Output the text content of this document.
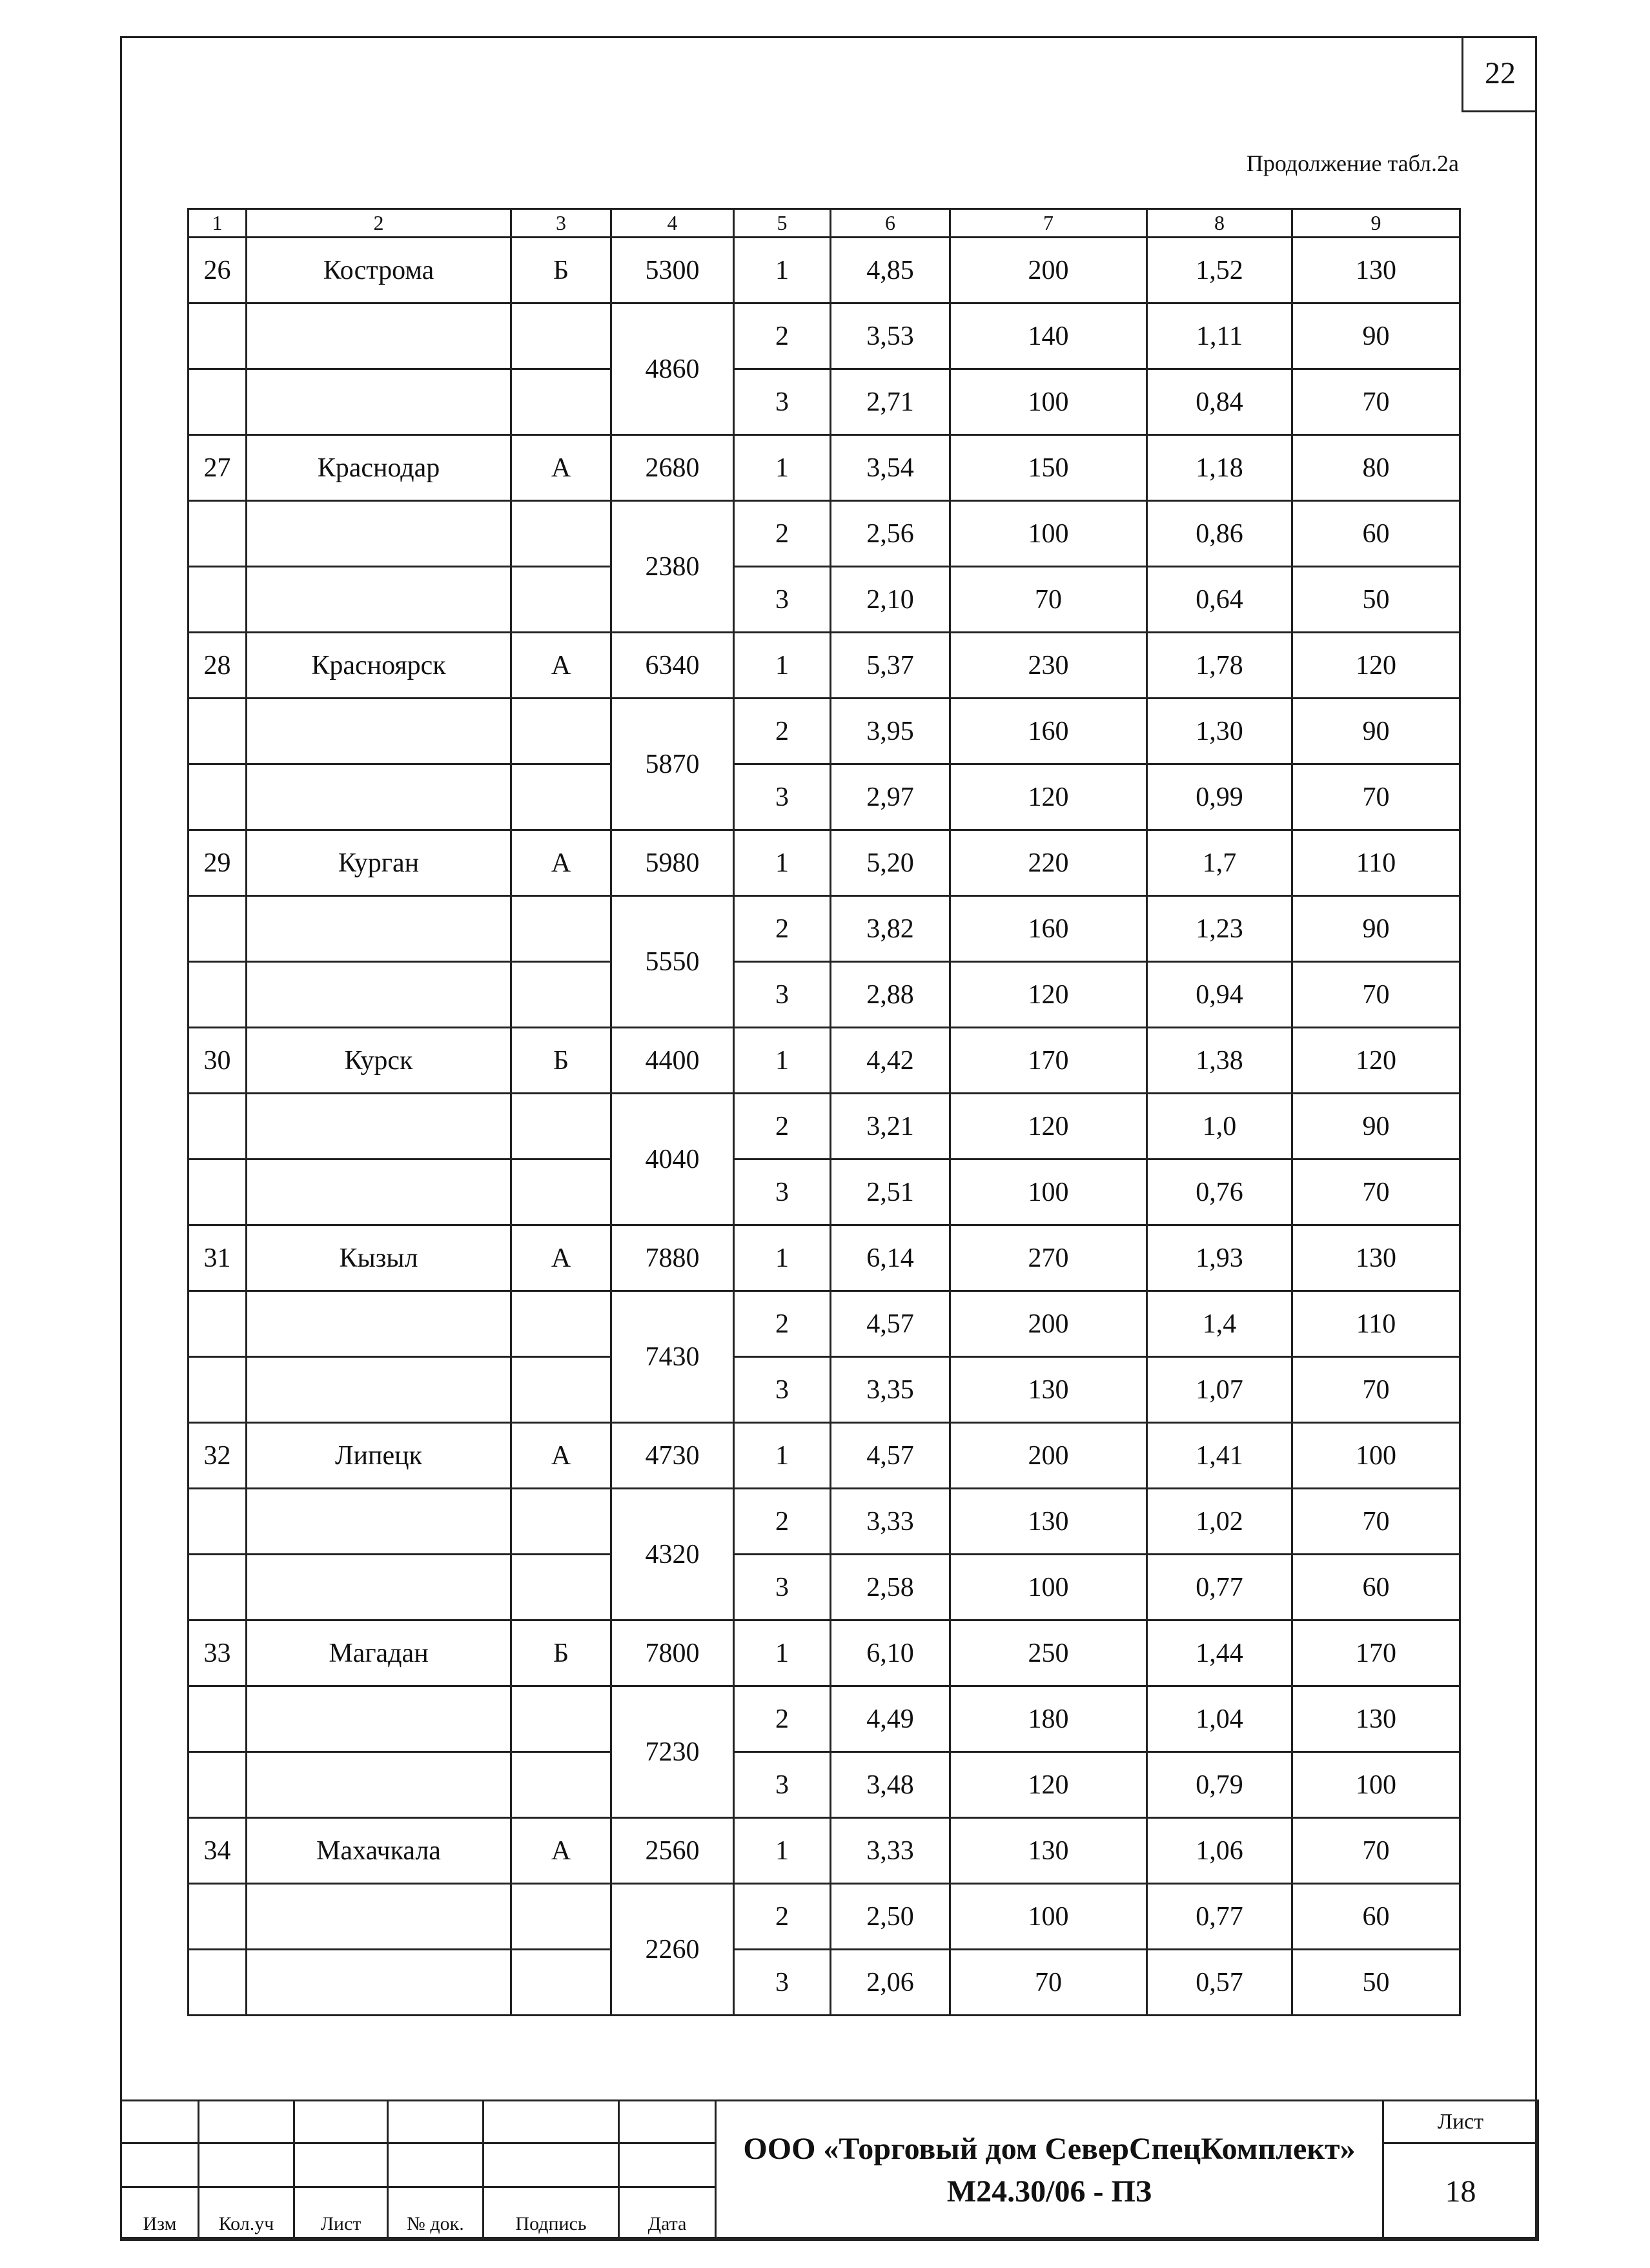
22
Продолжение табл.2а
1	2	3	4	5	6	7	8	9
26	Кострома	Б	5300	1	4,85	200	1,52	130
			4860	2	3,53	140	1,11	90
				3	2,71	100	0,84	70
27	Краснодар	А	2680	1	3,54	150	1,18	80
			2380	2	2,56	100	0,86	60
				3	2,10	70	0,64	50
28	Красноярск	А	6340	1	5,37	230	1,78	120
			5870	2	3,95	160	1,30	90
				3	2,97	120	0,99	70
29	Курган	А	5980	1	5,20	220	1,7	110
			5550	2	3,82	160	1,23	90
				3	2,88	120	0,94	70
30	Курск	Б	4400	1	4,42	170	1,38	120
			4040	2	3,21	120	1,0	90
				3	2,51	100	0,76	70
31	Кызыл	А	7880	1	6,14	270	1,93	130
			7430	2	4,57	200	1,4	110
				3	3,35	130	1,07	70
32	Липецк	А	4730	1	4,57	200	1,41	100
			4320	2	3,33	130	1,02	70
				3	2,58	100	0,77	60
33	Магадан	Б	7800	1	6,10	250	1,44	170
			7230	2	4,49	180	1,04	130
				3	3,48	120	0,79	100
34	Махачкала	А	2560	1	3,33	130	1,06	70
			2260	2	2,50	100	0,77	60
				3	2,06	70	0,57	50

						ООО «Торговый дом СеверСпецКомплект»
М24.30/06 - ПЗ	Лист
							18
Изм	Кол.уч	Лист	№ док.	Подпись	Дата		
